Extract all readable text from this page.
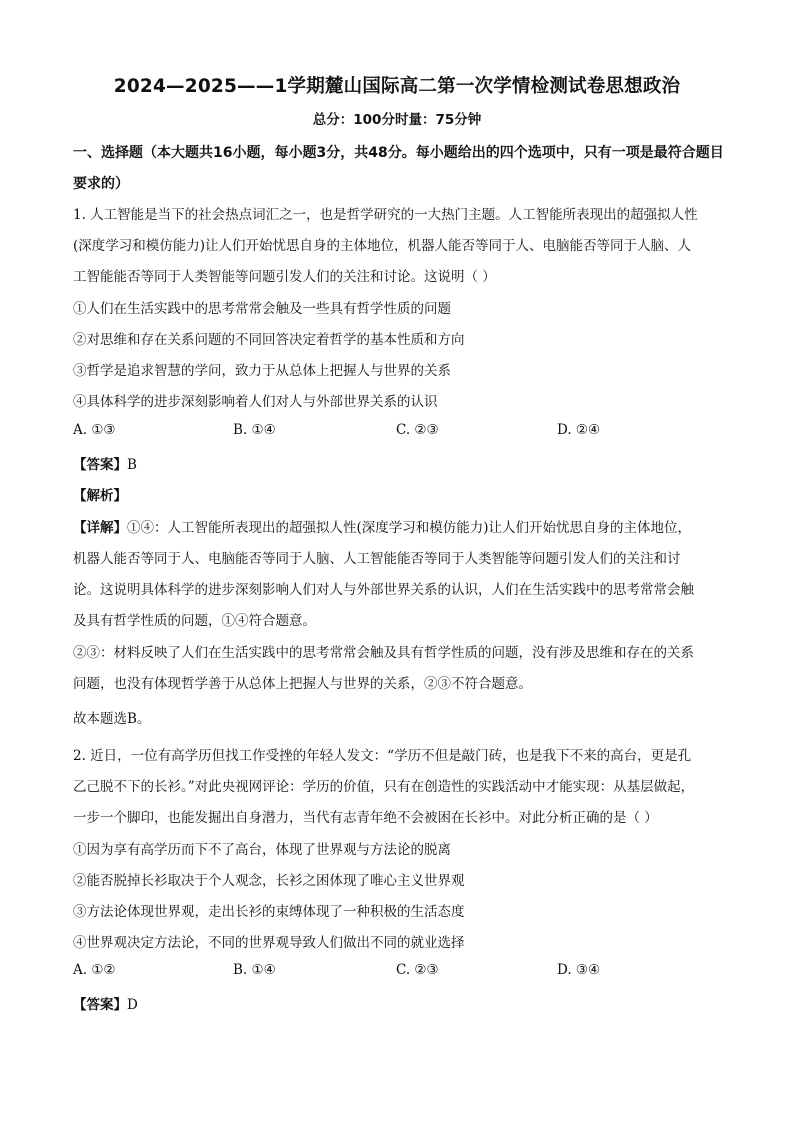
2024—2025——1学期麓山国际高二第一次学情检测试卷思想政治
总分：100分时量：75分钟
一、选择题（本大题共16小题，每小题3分，共48分。每小题给出的四个选项中，只有一项是最符合题目要求的）
1. 人工智能是当下的社会热点词汇之一，也是哲学研究的一大热门主题。人工智能所表现出的超强拟人性
(深度学习和模仿能力)让人们开始忧思自身的主体地位，机器人能否等同于人、电脑能否等同于人脑、人
工智能能否等同于人类智能等问题引发人们的关注和讨论。这说明（ ）
①人们在生活实践中的思考常常会触及一些具有哲学性质的问题
②对思维和存在关系问题的不同回答决定着哲学的基本性质和方向
③哲学是追求智慧的学问，致力于从总体上把握人与世界的关系
④具体科学的进步深刻影响着人们对人与外部世界关系的认识
A. ①③	B. ①④	C. ②③	D. ②④
【答案】B
【解析】
【详解】①④：人工智能所表现出的超强拟人性(深度学习和模仿能力)让人们开始忧思自身的主体地位，
机器人能否等同于人、电脑能否等同于人脑、人工智能能否等同于人类智能等问题引发人们的关注和讨
论。这说明具体科学的进步深刻影响人们对人与外部世界关系的认识，人们在生活实践中的思考常常会触
及具有哲学性质的问题，①④符合题意。
②③：材料反映了人们在生活实践中的思考常常会触及具有哲学性质的问题，没有涉及思维和存在的关系
问题，也没有体现哲学善于从总体上把握人与世界的关系，②③不符合题意。
故本题选B。
2. 近日，一位有高学历但找工作受挫的年轻人发文：“学历不但是敲门砖，也是我下不来的高台，更是孔
乙己脱不下的长衫。”对此央视网评论：学历的价值，只有在创造性的实践活动中才能实现：从基层做起，
一步一个脚印，也能发掘出自身潜力，当代有志青年绝不会被困在长衫中。对此分析正确的是（ ）
①因为享有高学历而下不了高台，体现了世界观与方法论的脱离
②能否脱掉长衫取决于个人观念，长衫之困体现了唯心主义世界观
③方法论体现世界观，走出长衫的束缚体现了一种积极的生活态度
④世界观决定方法论，不同的世界观导致人们做出不同的就业选择
A. ①②	B. ①④	C. ②③	D. ③④
【答案】D
